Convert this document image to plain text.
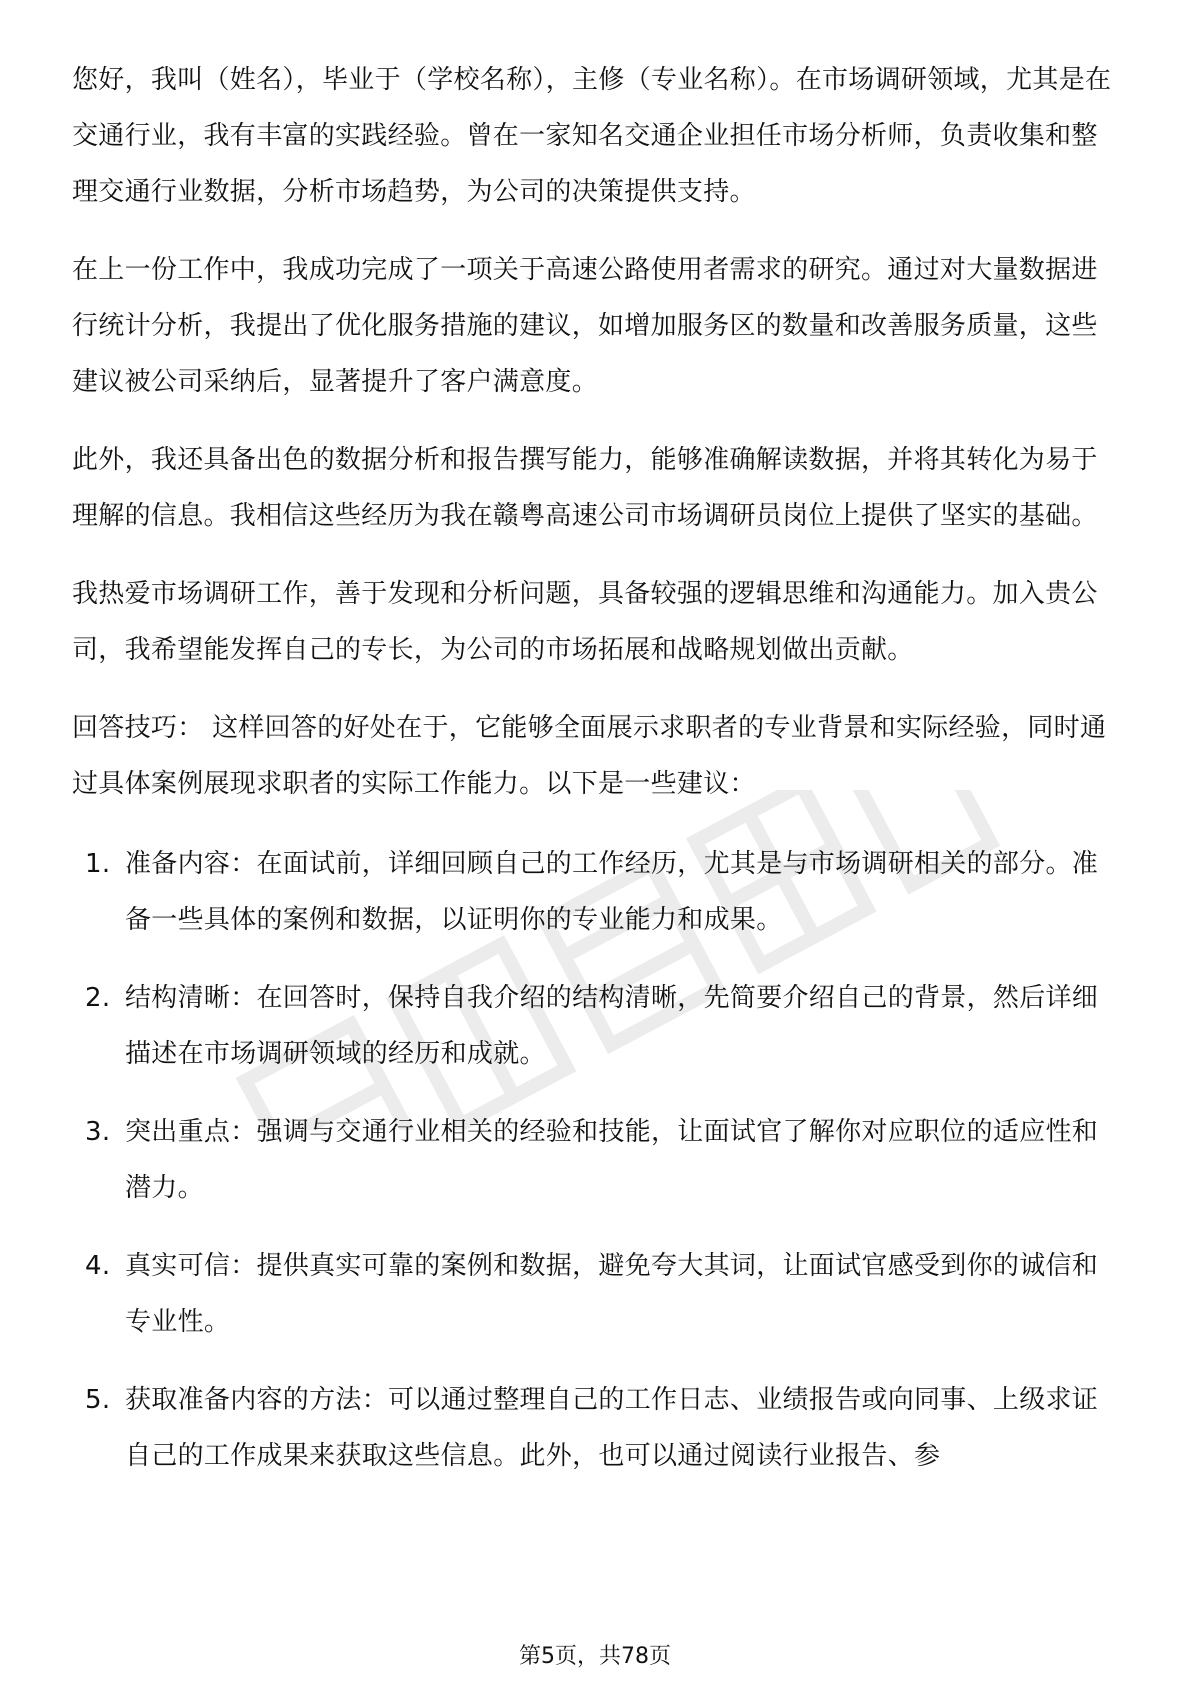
您好，我叫（姓名），毕业于（学校名称），主修（专业名称）。在市场调研领域，尤其是在交通行业，我有丰富的实践经验。曾在一家知名交通企业担任市场分析师，负责收集和整理交通行业数据，分析市场趋势，为公司的决策提供支持。

在上一份工作中，我成功完成了一项关于高速公路使用者需求的研究。通过对大量数据进行统计分析，我提出了优化服务措施的建议，如增加服务区的数量和改善服务质量，这些建议被公司采纳后，显著提升了客户满意度。

此外，我还具备出色的数据分析和报告撰写能力，能够准确解读数据，并将其转化为易于理解的信息。我相信这些经历为我在赣粤高速公司市场调研员岗位上提供了坚实的基础。

我热爱市场调研工作，善于发现和分析问题，具备较强的逻辑思维和沟通能力。加入贵公司，我希望能发挥自己的专长，为公司的市场拓展和战略规划做出贡献。

回答技巧： 这样回答的好处在于，它能够全面展示求职者的专业背景和实际经验，同时通过具体案例展现求职者的实际工作能力。以下是一些建议：

1. 准备内容：在面试前，详细回顾自己的工作经历，尤其是与市场调研相关的部分。准备一些具体的案例和数据，以证明你的专业能力和成果。
2. 结构清晰：在回答时，保持自我介绍的结构清晰，先简要介绍自己的背景，然后详细描述在市场调研领域的经历和成就。
3. 突出重点：强调与交通行业相关的经验和技能，让面试官了解你对应职位的适应性和潜力。
4. 真实可信：提供真实可靠的案例和数据，避免夸大其词，让面试官感受到你的诚信和专业性。
5. 获取准备内容的方法：可以通过整理自己的工作日志、业绩报告或向同事、上级求证自己的工作成果来获取这些信息。此外，也可以通过阅读行业报告、参
第5页，共78页
